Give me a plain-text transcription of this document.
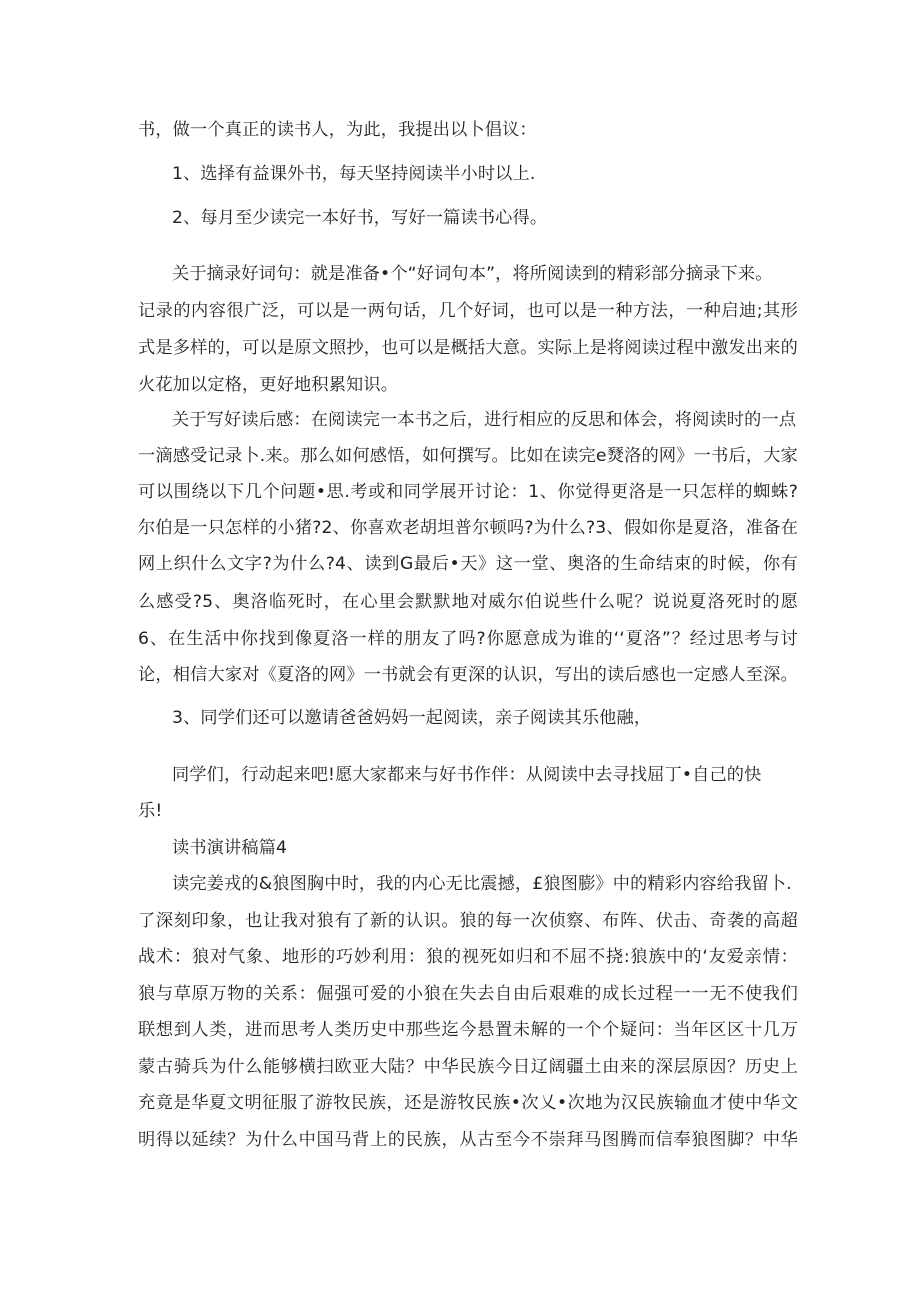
书，做一个真正的读书人，为此，我提出以卜倡议：
1、选择有益课外书，每天坚持阅读半小时以上.
2、每月至少读完一本好书，写好一篇读书心得。
关于摘录好词句：就是准备•个“好词句本”，将所阅读到的精彩部分摘录下来。
记录的内容很广泛，可以是一两句话，几个好词，也可以是一种方法，一种启迪;其形
式是多样的，可以是原文照抄，也可以是概括大意。实际上是将阅读过程中激发出来的
火花加以定格，更好地积累知识。
关于写好读后感：在阅读完一本书之后，进行相应的反思和体会，将阅读时的一点
一滴感受记录卜.来。那么如何感悟，如何撰写。比如在读完e燹洛的网》一书后，大家
可以围绕以下几个问题•思.考或和同学展开讨论：1、你觉得更洛是一只怎样的蜘蛛?
尔伯是一只怎样的小猪?2、你喜欢老胡坦普尔顿吗?为什么?3、假如你是夏洛，准备在
网上织什么文字?为什么?4、读到G最后•天》这一堂、奥洛的生命结束的时候，你有
么感受?5、奥洛临死时，在心里会默默地对威尔伯说些什么呢？说说夏洛死时的愿
6、在生活中你找到像夏洛一样的朋友了吗?你愿意成为谁的‘‘夏洛”？经过思考与讨
论，相信大家对《夏洛的网》一书就会有更深的认识，写出的读后感也一定感人至深。
3、同学们还可以邀请爸爸妈妈一起阅读，亲子阅读其乐他融，
同学们，行动起来吧!愿大家都来与好书作伴：从阅读中去寻找屈丁•自己的快
乐!
读书演讲稿篇4
读完姜戎的&狼图胸中时，我的内心无比震撼，£狼图膨》中的精彩内容给我留卜.
了深刻印象，也让我对狼有了新的认识。狼的每一次侦察、布阵、伏击、奇袭的高超
战术：狼对气象、地形的巧妙利用：狼的视死如归和不屈不挠:狼族中的‘友爱亲情：
狼与草原万物的关系：倔强可爱的小狼在失去自由后艰难的成长过程一一无不使我们
联想到人类，进而思考人类历史中那些迄今悬置未解的一个个疑问：当年区区十几万
蒙古骑兵为什么能够横扫欧亚大陆？中华民族今日辽阔疆土由来的深层原因？历史上
充竟是华夏文明征服了游牧民族，还是游牧民族•次乂•次地为汉民族输血才使中华文
明得以延续？为什么中国马背上的民族，从古至今不崇拜马图腾而信奉狼图脚？中华
